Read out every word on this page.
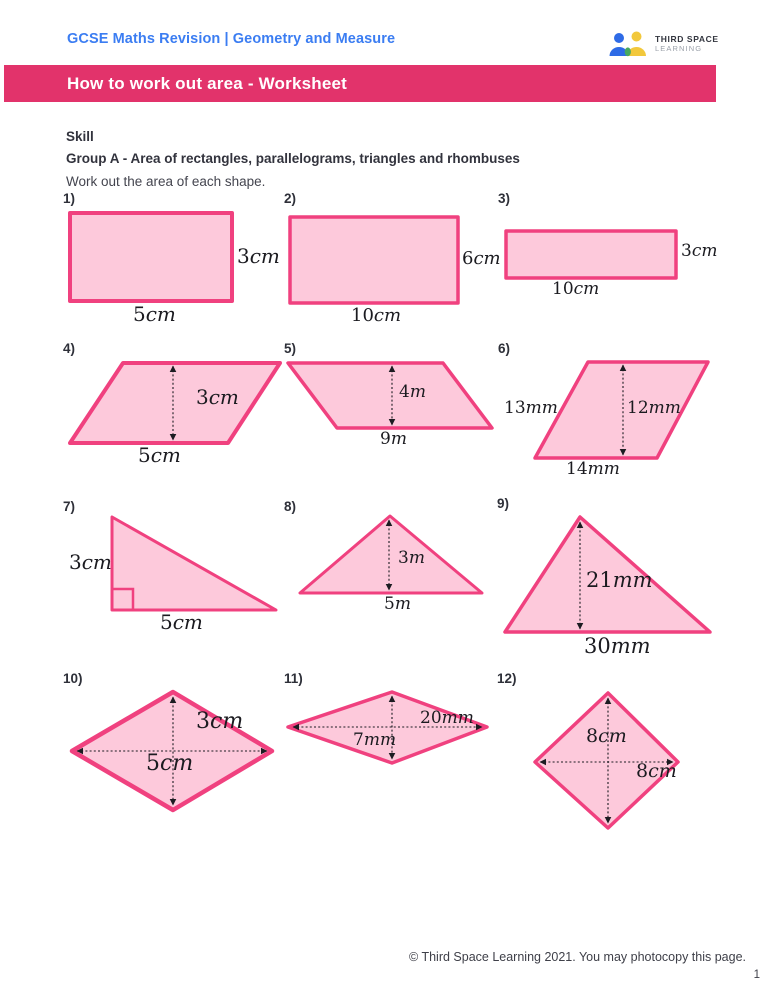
GCSE Maths Revision | Geometry and Measure	THIRD SPACE
LEARNING
How to work out area - Worksheet
Skill
Group A - Area of rectangles, parallelograms, triangles and rhombuses
Work out the area of each shape.
1)	2)	3)
4)	5)	6)
7)	8)	9)
10)	11)	12)
3cm
5cm
6cm
10cm
3cm
10cm
3cm
5cm
4m
9m
13mm	12mm
14mm
3cm
5cm
3m
5m
21mm
30mm
3cm
5cm
20mm
7mm	8cm
8cm
© Third Space Learning 2021. You may photocopy this page.
1
